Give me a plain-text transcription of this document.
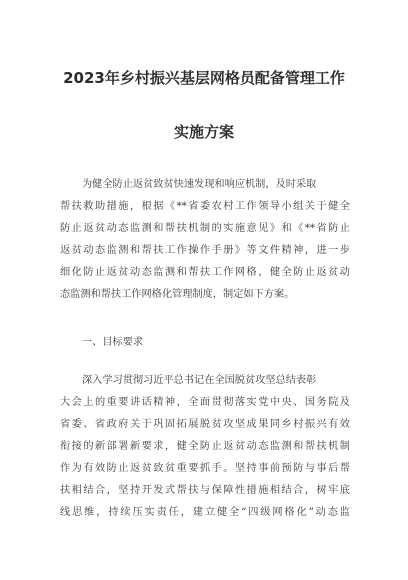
2023年乡村振兴基层网格员配备管理工作
实施方案
为健全防止返贫致贫快速发现和响应机制，及时采取
帮扶救助措施，根据《**省委农村工作领导小组关于健全
防止返贫动态监测和帮扶机制的实施意见》和《**省防止
返贫动态监测和帮扶工作操作手册》等文件精神，进一步
细化防止返贫动态监测和帮扶工作网格，健全防止返贫动
态监测和帮扶工作网格化管理制度，制定如下方案。
一、目标要求
深入学习贯彻习近平总书记在全国脱贫攻坚总结表彰
大会上的重要讲话精神，全面贯彻落实党中央、国务院及
省委、省政府关于巩固拓展脱贫攻坚成果同乡村振兴有效
衔接的新部署新要求，健全防止返贫动态监测和帮扶机制
作为有效防止返贫致贫重要抓手。坚持事前预防与事后帮
扶相结合，坚持开发式帮扶与保障性措施相结合，树牢底
线思维，持续压实责任，建立健全“四级网格化”动态监
